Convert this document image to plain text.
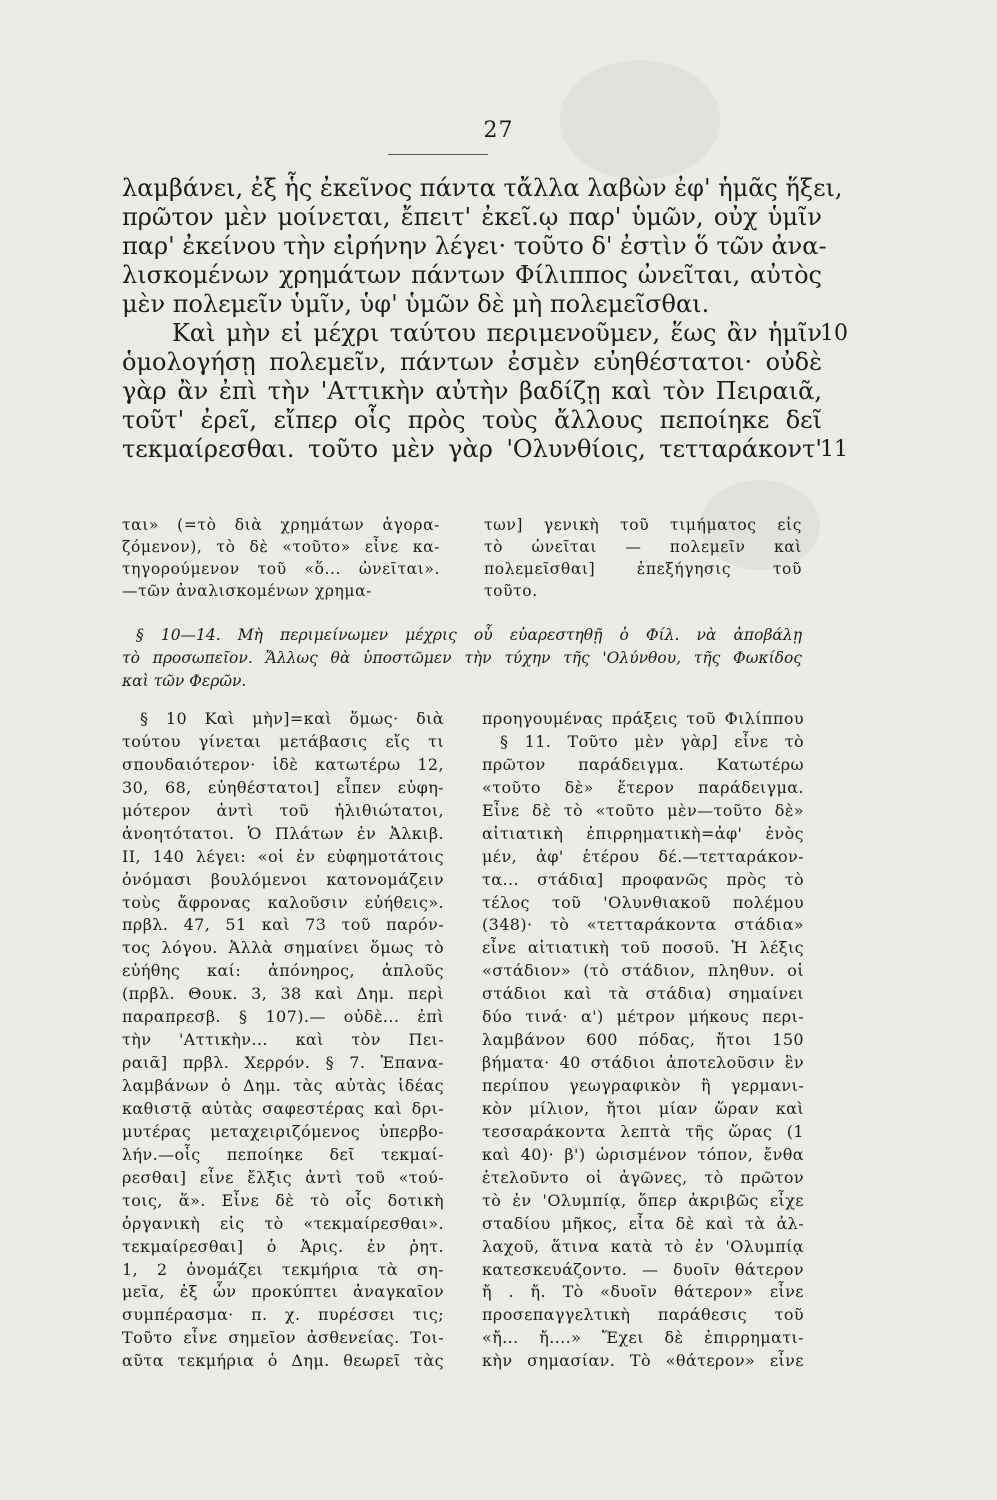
27
λαμβάνει, ἐξ ἧς ἐκεῖνος πάντα τἄλλα λαβὼν ἐφ' ἡμᾶς ἥξει,
πρῶτον μὲν μοίνεται, ἔπειτ' ἐκεῖ.ῳ παρ' ὑμῶν, οὐχ ὑμῖν
παρ' ἐκείνου τὴν εἰρήνην λέγει· τοῦτο δ' ἐστὶν ὅ τῶν ἀνα-
λισκομένων χρημάτων πάντων Φίλιππος ὠνεῖται, αὐτὸς
μὲν πολεμεῖν ὑμῖν, ὑφ' ὑμῶν δὲ μὴ πολεμεῖσθαι.
Καὶ μὴν εἰ μέχρι ταύτου περιμενοῦμεν, ἕως ἂν ἡμῖν
10
ὁμολογήσῃ πολεμεῖν, πάντων ἐσμὲν εὐηθέστατοι· οὐδὲ
γὰρ ἂν ἐπὶ τὴν 'Αττικὴν αὐτὴν βαδίζῃ καὶ τὸν Πειραιᾶ,
τοῦτ' ἐρεῖ, εἴπερ οἷς πρὸς τοὺς ἄλλους πεποίηκε δεῖ
τεκμαίρεσθαι. τοῦτο μὲν γὰρ 'Ολυνθίοις, τετταράκοντ'
11
ται» (=τὸ διὰ χρημάτων ἀγορα-
ζόμενον), τὸ δὲ «τοῦτο» εἶνε κα-
τηγορούμενον τοῦ «ὅ... ὠνεῖται».
—τῶν ἀναλισκομένων χρημα-
των] γενικὴ τοῦ τιμήματος εἰς
τὸ ὠνεῖται — πολεμεῖν καὶ
πολεμεῖσθαι] ἐπεξήγησις τοῦ
τοῦτο.
§ 10—14. Μὴ περιμείνωμεν μέχρις οὗ εὐαρεστηθῇ ὁ Φίλ. νὰ ἀποβάλῃ
τὸ προσωπεῖον. Ἄλλως θὰ ὑποστῶμεν τὴν τύχην τῆς 'Ολύνθου, τῆς Φωκίδος
καὶ τῶν Φερῶν.
§ 10 Καὶ μὴν]=καὶ ὅμως· διὰ
τούτου γίνεται μετάβασις εἴς τι
σπουδαιότερον· ἰδὲ κατωτέρω 12,
30, 68, εὐηθέστατοι] εἶπεν εὐφη-
μότερον ἀντὶ τοῦ ἠλιθιώτατοι,
ἀνοητότατοι. Ὁ Πλάτων ἐν Ἀλκιβ.
II, 140 λέγει: «οἱ ἐν εὐφημοτάτοις
ὀνόμασι βουλόμενοι κατονομάζειν
τοὺς ἄφρονας καλοῦσιν εὐήθεις».
πρβλ. 47, 51 καὶ 73 τοῦ παρόν-
τος λόγου. Ἀλλὰ σημαίνει ὅμως τὸ
εὐήθης καί: ἀπόνηρος, ἁπλοῦς
(πρβλ. Θουκ. 3, 38 καὶ Δημ. περὶ
παραπρεσβ. § 107).— οὐδὲ... ἐπὶ
τὴν 'Αττικὴν... καὶ τὸν Πει-
ραιᾶ] πρβλ. Χερρόν. § 7. Ἐπανα-
λαμβάνων ὁ Δημ. τὰς αὐτὰς ἰδέας
καθιστᾷ αὐτὰς σαφεστέρας καὶ δρι-
μυτέρας μεταχειριζόμενος ὑπερβο-
λήν.—οἷς πεποίηκε δεῖ τεκμαί-
ρεσθαι] εἶνε ἔλξις ἀντὶ τοῦ «τού-
τοις, ἅ». Εἶνε δὲ τὸ οἷς δοτικὴ
ὀργανικὴ εἰς τὸ «τεκμαίρεσθαι».
τεκμαίρεσθαι] ὁ Ἀρις. ἐν ῥητ.
1, 2 ὀνομάζει τεκμήρια τὰ ση-
μεῖα, ἐξ ὧν προκύπτει ἀναγκαῖον
συμπέρασμα· π. χ. πυρέσσει τις;
Τοῦτο εἶνε σημεῖον ἀσθενείας. Τοι-
αῦτα τεκμήρια ὁ Δημ. θεωρεῖ τὰς
προηγουμένας πράξεις τοῦ Φιλίππου
§ 11. Τοῦτο μὲν γὰρ] εἶνε τὸ
πρῶτον παράδειγμα. Κατωτέρω
«τοῦτο δὲ» ἕτερον παράδειγμα.
Εἶνε δὲ τὸ «τοῦτο μὲν—τοῦτο δὲ»
αἰτιατικὴ ἐπιρρηματικὴ=ἀφ' ἑνὸς
μέν, ἀφ' ἑτέρου δέ.—τετταράκον-
τα... στάδια] προφανῶς πρὸς τὸ
τέλος τοῦ 'Ολυνθιακοῦ πολέμου
(348)· τὸ «τετταράκοντα στάδια»
εἶνε αἰτιατικὴ τοῦ ποσοῦ. Ἡ λέξις
«στάδιον» (τὸ στάδιον, πληθυν. οἱ
στάδιοι καὶ τὰ στάδια) σημαίνει
δύο τινά· α') μέτρον μήκους περι-
λαμβάνον 600 πόδας, ἤτοι 150
βήματα· 40 στάδιοι ἀποτελοῦσιν ἓν
περίπου γεωγραφικὸν ἢ γερμανι-
κὸν μίλιον, ἤτοι μίαν ὥραν καὶ
τεσσαράκοντα λεπτὰ τῆς ὥρας (1
καὶ 40)· β') ὡρισμένον τόπον, ἔνθα
ἐτελοῦντο οἱ ἀγῶνες, τὸ πρῶτον
τὸ ἐν 'Ολυμπίᾳ, ὅπερ ἀκριβῶς εἶχε
σταδίου μῆκος, εἶτα δὲ καὶ τὰ ἀλ-
λαχοῦ, ἅτινα κατὰ τὸ ἐν 'Ολυμπίᾳ
κατεσκευάζοντο. — δυοῖν θάτερον
ἤ . ἤ. Τὸ «δυοῖν θάτερον» εἶνε
προσεπαγγελτικὴ παράθεσις τοῦ
«ἤ... ἤ....» Ἔχει δὲ ἐπιρρηματι-
κὴν σημασίαν. Τὸ «θάτερον» εἶνε
